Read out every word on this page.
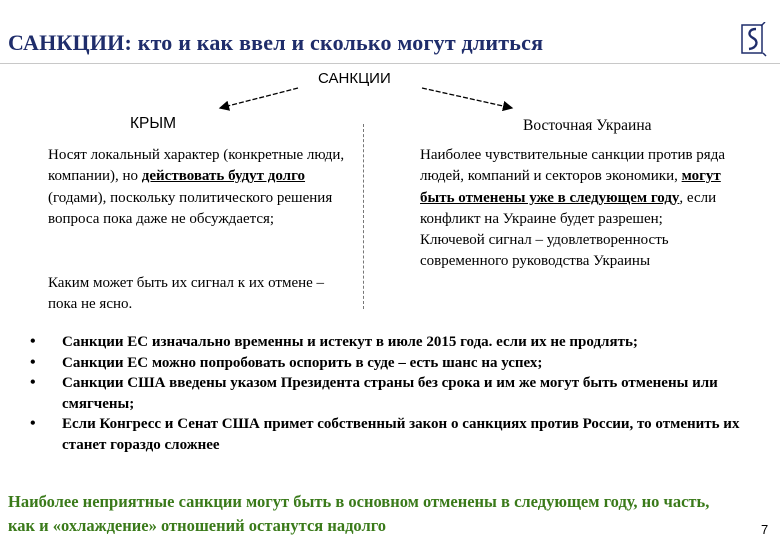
САНКЦИИ: кто и как ввел и сколько могут длиться
САНКЦИИ
КРЫМ	Восточная Украина
Носят локальный характер (конкретные люди, компании), но действовать будут долго (годами), поскольку политического решения вопроса пока даже не обсуждается;
Каким может быть их сигнал к их отмене – пока не ясно.
Наиболее чувствительные санкции против ряда людей, компаний и секторов экономики, могут быть отменены уже в следующем году, если конфликт на Украине будет разрешен;
Ключевой сигнал – удовлетворенность современного руководства Украины
• Санкции ЕС изначально временны и истекут в июле 2015 года. если их не продлять;
• Санкции ЕС можно попробовать оспорить в суде – есть шанс на успех;
• Санкции США введены указом Президента страны без срока и им же могут быть отменены или смягчены;
• Если Конгресс и Сенат США примет собственный закон о санкциях против России, то отменить их станет гораздо сложнее
Наиболее неприятные санкции могут быть в основном отменены в следующем году, но часть, как и «охлаждение» отношений останутся надолго	7
